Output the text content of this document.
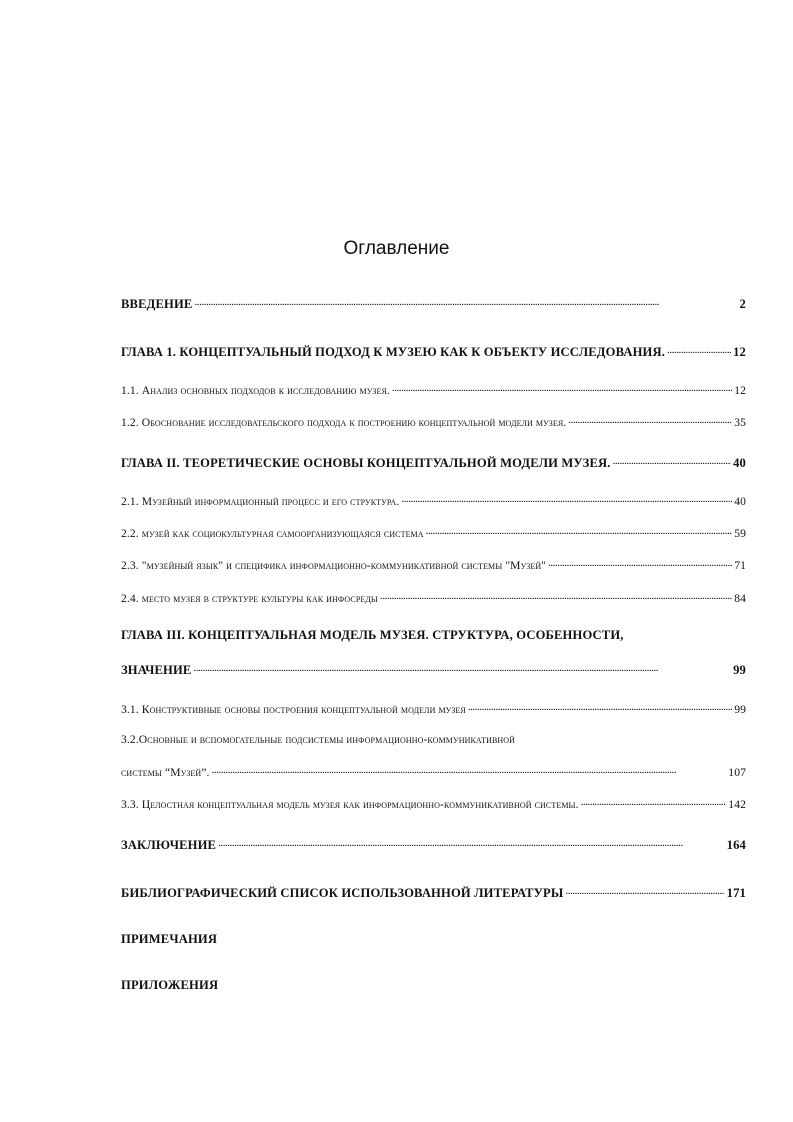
Оглавление
ВВЕДЕНИЕ . . .	2
ГЛАВА 1. КОНЦЕПТУАЛЬНЫЙ ПОДХОД К МУЗЕЮ КАК К ОБЪЕКТУ ИССЛЕДОВАНИЯ. . . .	12
1.1. Анализ основных подходов к исследованию музея. . . .	12
1.2. Обоснование исследовательского подхода к построению концептуальной модели музея. . . .	35
ГЛАВА II. ТЕОРЕТИЧЕСКИЕ ОСНОВЫ КОНЦЕПТУАЛЬНОЙ МОДЕЛИ МУЗЕЯ. . . .	40
2.1. Музейный информационный процесс и его структура. . . .	40
2.2. музей как социокультурная самоорганизующаяся система . . .	59
2.3. "музейный язык" и специфика информационно-коммуникативной системы "Музей" . . .	71
2.4. место музея в структуре культуры как инфосреды . . .	84
ГЛАВА III. КОНЦЕПТУАЛЬНАЯ МОДЕЛЬ МУЗЕЯ. СТРУКТУРА, ОСОБЕННОСТИ,
ЗНАЧЕНИЕ . . .	99
3.1. Конструктивные основы построения концептуальной модели музея . . .	99
3.2.Основные и вспомогательные подсистемы информационно-коммуникативной
системы “Музей”. . . .	107
3.3. Целостная концептуальная модель музея как информационно-коммуникативной системы. . . .	142
ЗАКЛЮЧЕНИЕ . . .	164
БИБЛИОГРАФИЧЕСКИЙ СПИСОК ИСПОЛЬЗОВАННОЙ ЛИТЕРАТУРЫ . . .	171
ПРИМЕЧАНИЯ
ПРИЛОЖЕНИЯ
